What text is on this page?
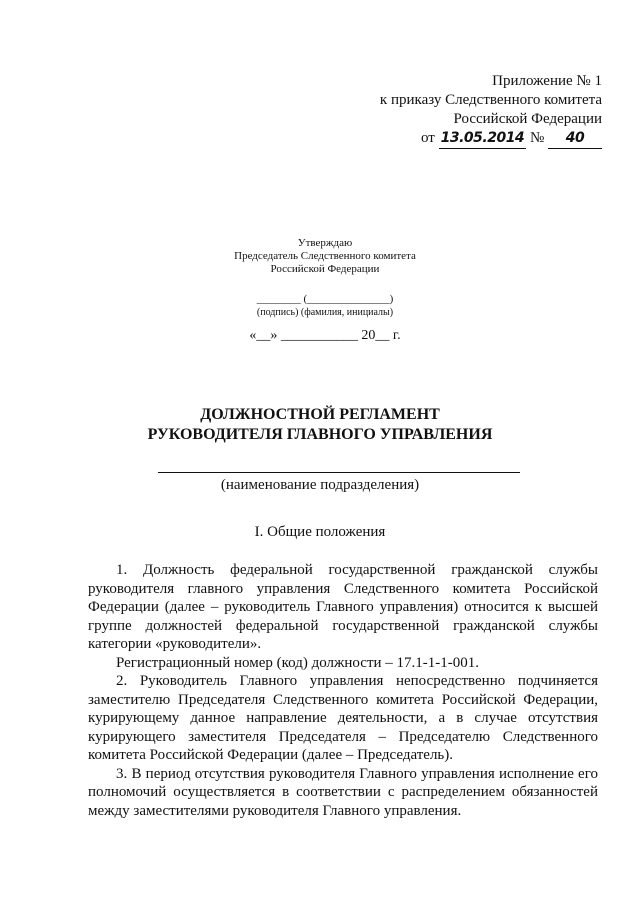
Приложение № 1
к приказу Следственного комитета
Российской Федерации
от 13.05.2014 № 40
Утверждаю
Председатель Следственного комитета
Российской Федерации
________ (_______________)
(подпись) (фамилия, инициалы)
«__» ___________ 20__ г.
ДОЛЖНОСТНОЙ РЕГЛАМЕНТ
РУКОВОДИТЕЛЯ ГЛАВНОГО УПРАВЛЕНИЯ
(наименование подразделения)
I. Общие положения

1. Должность федеральной государственной гражданской службы руководителя главного управления Следственного комитета Российской Федерации (далее – руководитель Главного управления) относится к высшей группе должностей федеральной государственной гражданской службы категории «руководители».

Регистрационный номер (код) должности – 17.1-1-1-001.

2. Руководитель Главного управления непосредственно подчиняется заместителю Председателя Следственного комитета Российской Федерации, курирующему данное направление деятельности, а в случае отсутствия курирующего заместителя Председателя – Председателю Следственного комитета Российской Федерации (далее – Председатель).

3. В период отсутствия руководителя Главного управления исполнение его полномочий осуществляется в соответствии с распределением обязанностей между заместителями руководителя Главного управления.
